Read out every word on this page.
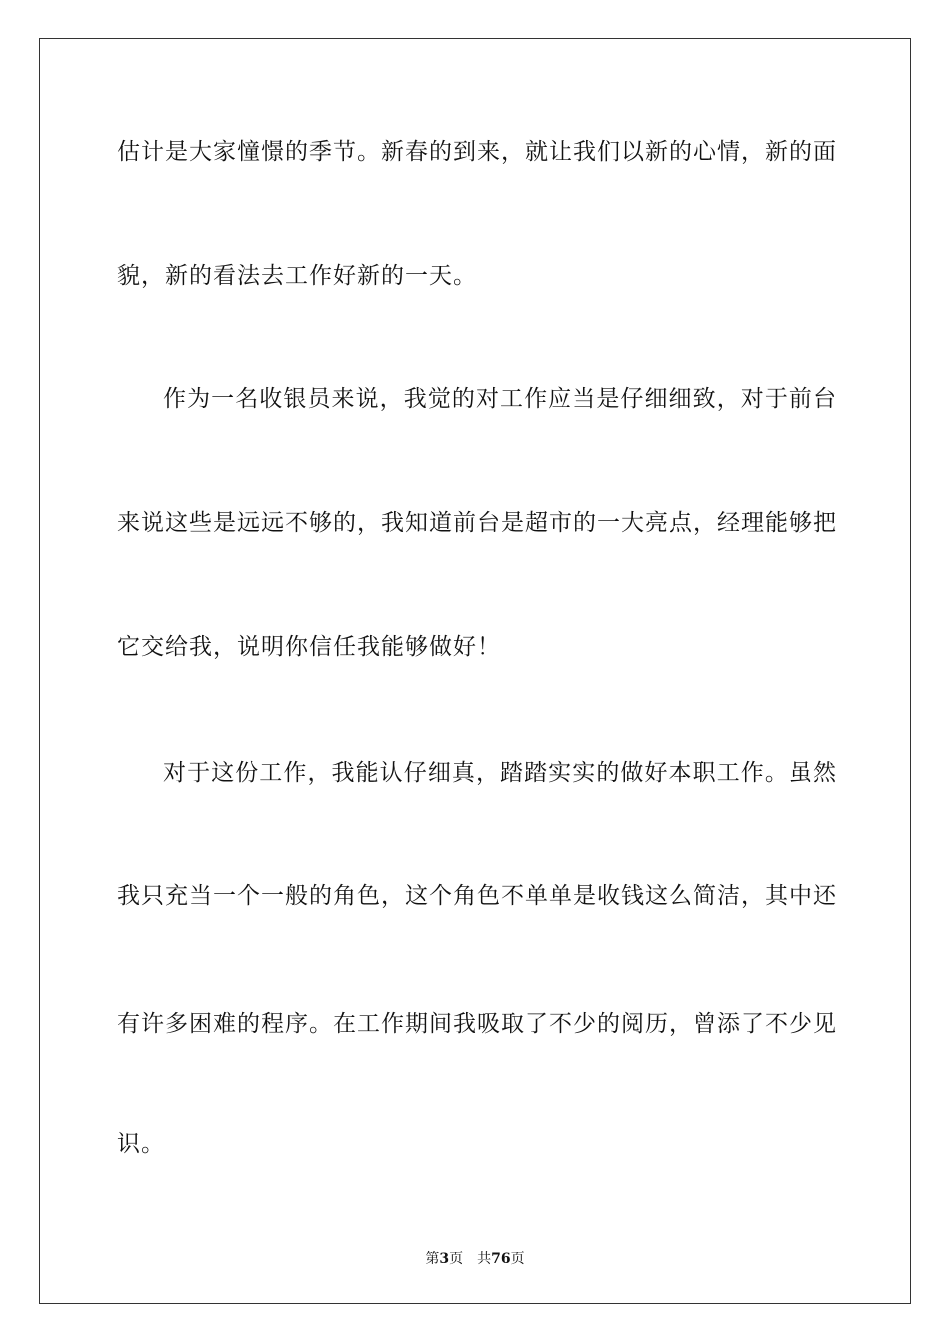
估计是大家憧憬的季节。新春的到来，就让我们以新的心情，新的面
貌，新的看法去工作好新的一天。
作为一名收银员来说，我觉的对工作应当是仔细细致，对于前台
来说这些是远远不够的，我知道前台是超市的一大亮点，经理能够把
它交给我，说明你信任我能够做好！
对于这份工作，我能认仔细真，踏踏实实的做好本职工作。虽然
我只充当一个一般的角色，这个角色不单单是收钱这么简洁，其中还
有许多困难的程序。在工作期间我吸取了不少的阅历，曾添了不少见
识。
第3页 共76页
